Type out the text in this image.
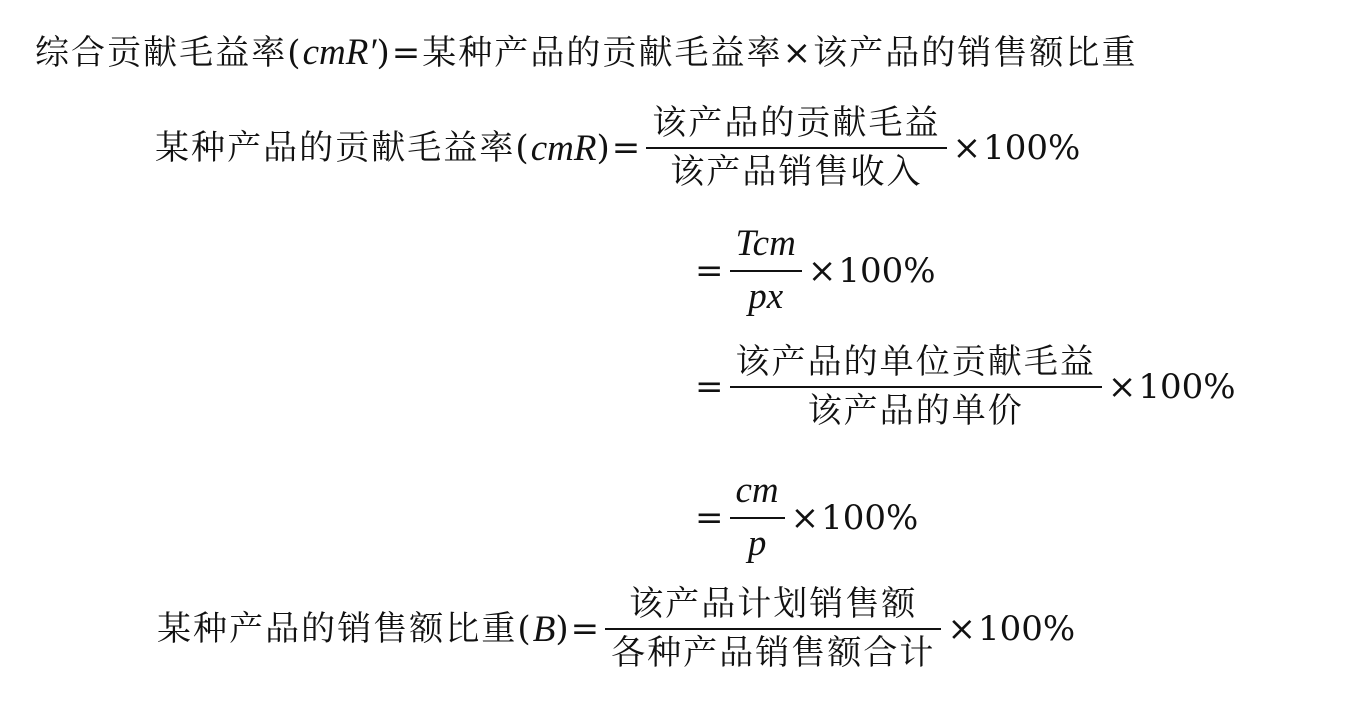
综合贡献毛益率(cmR′)=某种产品的贡献毛益率×该产品的销售额比重
某种产品的贡献毛益率( cmR ) = $\frac{\text{该产品的贡献毛益}}{\text{该产品销售收入}} \times 100\%$
= $\frac{\text{Tcm}}{px} \times 100\%$
= $\frac{\text{该产品的单位贡献毛益}}{\text{该产品的单价}} \times 100\%$
= $\frac{cm}{p} \times 100\%$
某种产品的销售额比重( B ) = $\frac{\text{该产品计划销售额}}{\text{各种产品销售额合计}} \times 100\%$
